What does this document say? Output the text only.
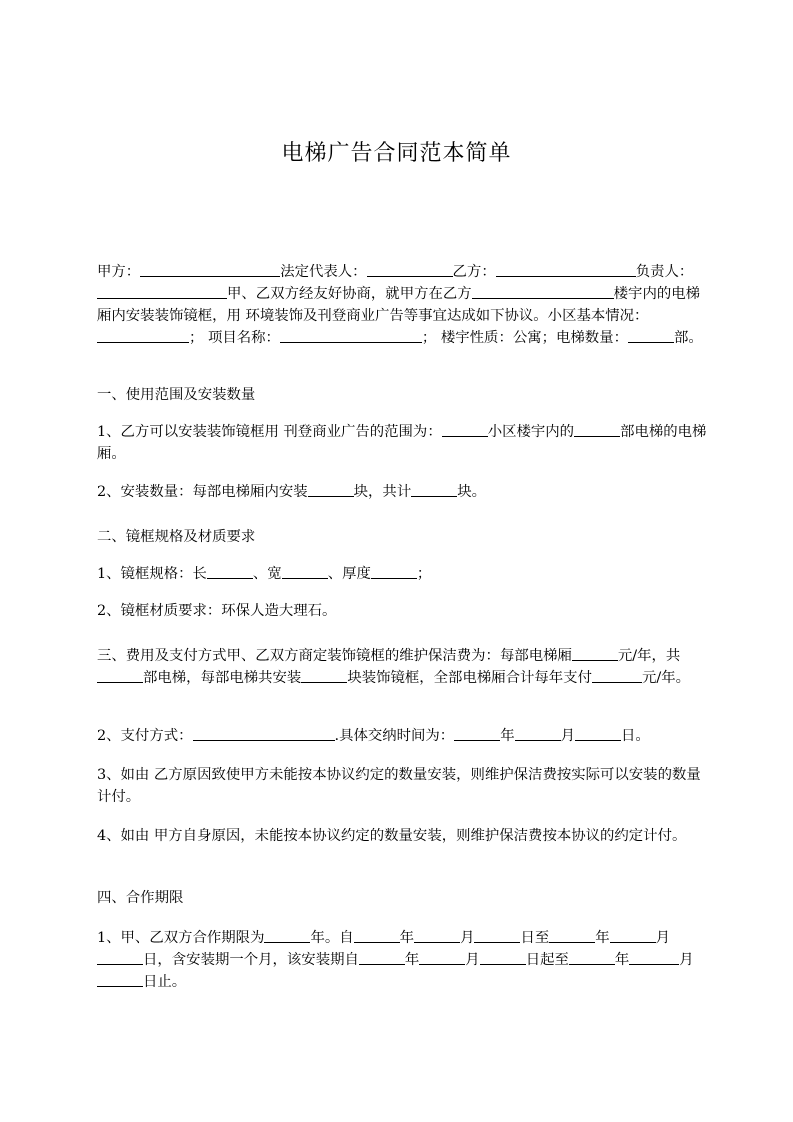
电梯广告合同范本简单
甲方：	法定代表人：	乙方：	负责人：甲、乙双方经友好协商，就甲方在乙方	楼宇内的电梯厢内安装装饰镜框，用 环境装饰及刊登商业广告等事宜达成如下协议。小区基本情况：； 项目名称：	； 楼宇性质：公寓；电梯数量：	部。
一、使用范围及安装数量
1、乙方可以安装装饰镜框用 刊登商业广告的范围为：	小区楼宇内的	部电梯的电梯厢。
2、安装数量：每部电梯厢内安装	块，共计	块。
二、镜框规格及材质要求
1、镜框规格：长	、宽	、厚度	；
2、镜框材质要求：环保人造大理石。
三、费用及支付方式甲、乙双方商定装饰镜框的维护保洁费为：每部电梯厢	元/年，共部电梯，每部电梯共安装	块装饰镜框，全部电梯厢合计每年支付	元/年。
2、支付方式：	.具体交纳时间为：	年	月	日。
3、如由 乙方原因致使甲方未能按本协议约定的数量安装，则维护保洁费按实际可以安装的数量计付。
4、如由 甲方自身原因，未能按本协议约定的数量安装，则维护保洁费按本协议的约定计付。
四、合作期限
1、甲、乙双方合作期限为	年。自	年	月	日至	年	月日，含安装期一个月，该安装期自	年	月	日起至	年	月日止。
